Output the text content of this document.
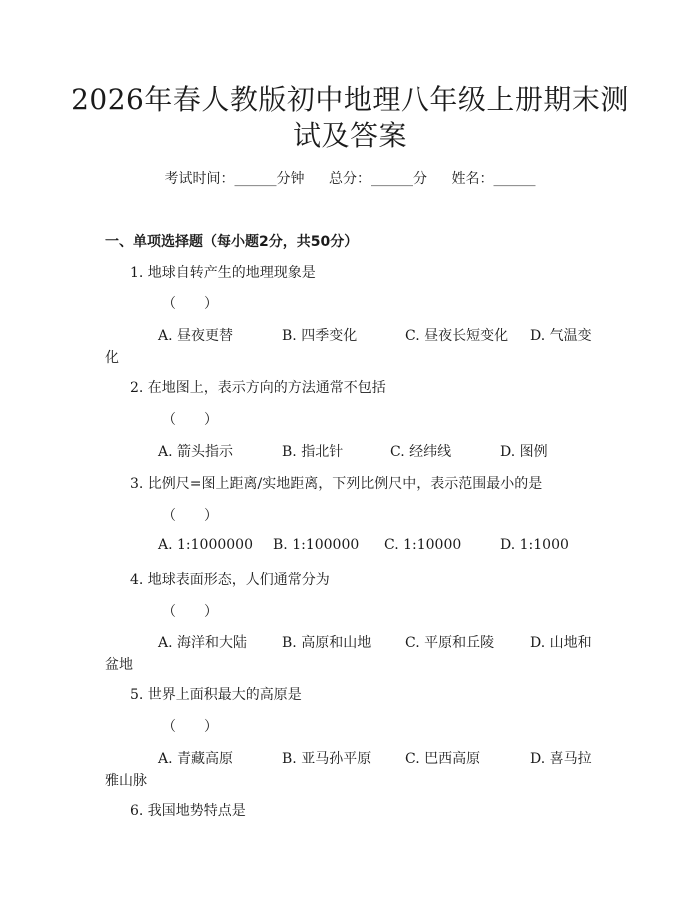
2026年春人教版初中地理八年级上册期末测
试及答案
考试时间：______分钟 总分：______分 姓名：______
一、单项选择题（每小题2分，共50分）
1. 地球自转产生的地理现象是
（　　）
A. 昼夜更替	B. 四季变化	C. 昼夜长短变化 D. 气温变
化
2. 在地图上，表示方向的方法通常不包括
（　　）
A. 箭头指示	B. 指北针	C. 经纬线	D. 图例
3. 比例尺=图上距离/实地距离，下列比例尺中，表示范围最小的是
（　　）
A. 1:1000000 B. 1:100000 C. 1:10000	D. 1:1000
4. 地球表面形态，人们通常分为
（　　）
A. 海洋和大陆 B. 高原和山地 C. 平原和丘陵	D. 山地和
盆地
5. 世界上面积最大的高原是
（　　）
A. 青藏高原	B. 亚马孙平原 C. 巴西高原	D. 喜马拉
雅山脉
6. 我国地势特点是
